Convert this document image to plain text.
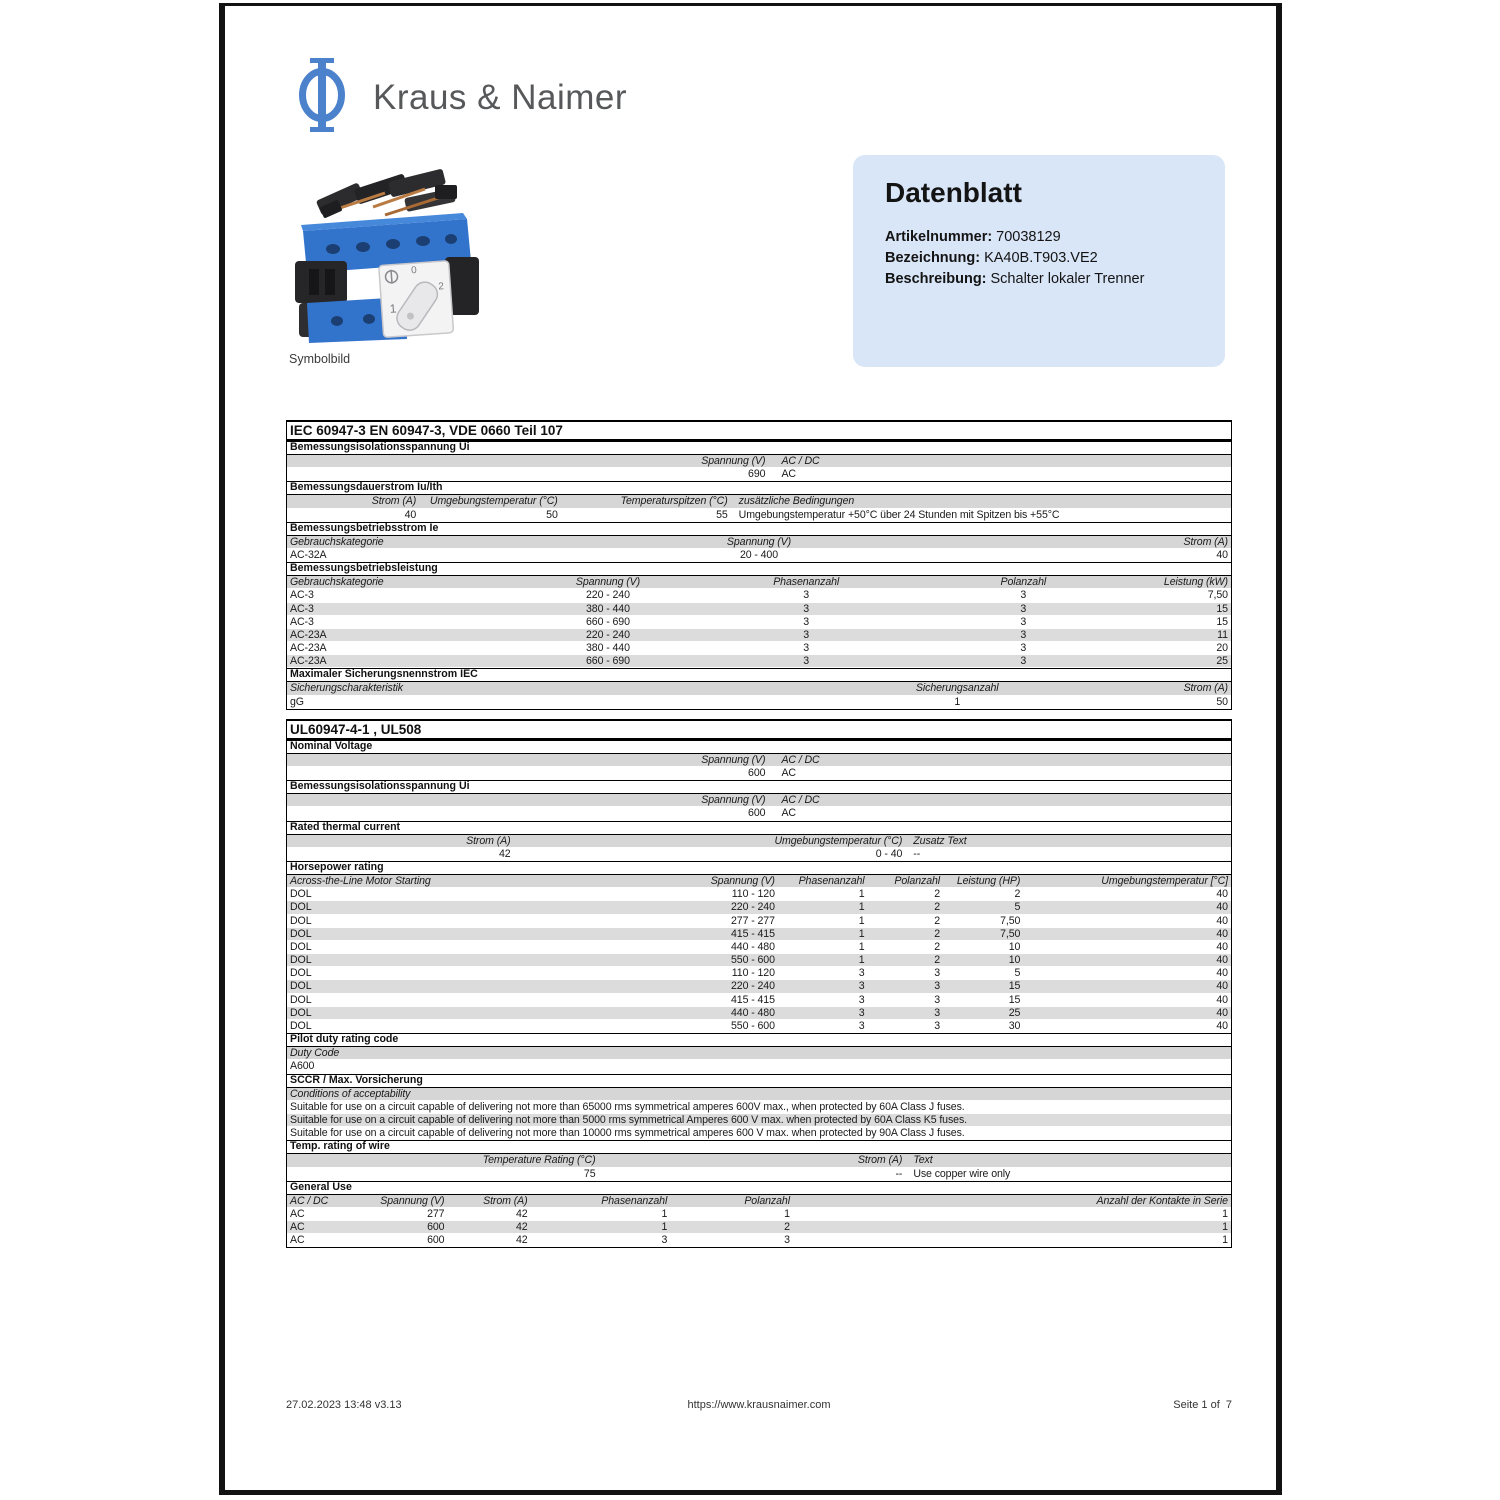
Kraus & Naimer
1
0
2
Symbolbild
Datenblatt
Artikelnummer: 70038129
Bezeichnung: KA40B.T903.VE2
Beschreibung: Schalter lokaler Trenner
IEC 60947-3 EN 60947-3, VDE 0660 Teil 107
Bemessungsisolationsspannung Ui
Spannung (V)	AC / DC
690	AC
Bemessungsdauerstrom Iu/Ith
Strom (A)	Umgebungstemperatur (°C)	Temperaturspitzen (°C)	zusätzliche Bedingungen
40	50	55	Umgebungstemperatur +50°C über 24 Stunden mit Spitzen bis +55°C
Bemessungsbetriebsstrom Ie
Gebrauchskategorie	Spannung (V)	Strom (A)
AC-32A	20 - 400	40
Bemessungsbetriebsleistung
Gebrauchskategorie	Spannung (V)	Phasenanzahl	Polanzahl	Leistung (kW)
AC-3	220 - 240	3	3	7,50
AC-3	380 - 440	3	3	15
AC-3	660 - 690	3	3	15
AC-23A	220 - 240	3	3	11
AC-23A	380 - 440	3	3	20
AC-23A	660 - 690	3	3	25
Maximaler Sicherungsnennstrom IEC
Sicherungscharakteristik	Sicherungsanzahl	Strom (A)
gG	1	50
UL60947-4-1 , UL508
Nominal Voltage
Spannung (V)	AC / DC
600	AC
Bemessungsisolationsspannung Ui
Spannung (V)	AC / DC
600	AC
Rated thermal current
Strom (A)	Umgebungstemperatur (°C)	Zusatz Text
42	0 - 40	--
Horsepower rating
Across-the-Line Motor Starting	Spannung (V)	Phasenanzahl	Polanzahl	Leistung (HP)	Umgebungstemperatur [°C]
DOL	110 - 120	1	2	2	40
DOL	220 - 240	1	2	5	40
DOL	277 - 277	1	2	7,50	40
DOL	415 - 415	1	2	7,50	40
DOL	440 - 480	1	2	10	40
DOL	550 - 600	1	2	10	40
DOL	110 - 120	3	3	5	40
DOL	220 - 240	3	3	15	40
DOL	415 - 415	3	3	15	40
DOL	440 - 480	3	3	25	40
DOL	550 - 600	3	3	30	40
Pilot duty rating code
Duty Code
A600
SCCR / Max. Vorsicherung
Conditions of acceptability
Suitable for use on a circuit capable of delivering not more than 65000 rms symmetrical amperes 600V max., when protected by 60A Class J fuses.
Suitable for use on a circuit capable of delivering not more than 5000 rms symmetrical Amperes 600 V max. when protected by 60A Class K5 fuses.
Suitable for use on a circuit capable of delivering not more than 10000 rms symmetrical amperes 600 V max. when protected by 90A Class J fuses.
Temp. rating of wire
Temperature Rating (°C)	Strom (A)	Text
75	--	Use copper wire only
General Use
AC / DC	Spannung (V)	Strom (A)	Phasenanzahl	Polanzahl	Anzahl der Kontakte in Serie
AC	277	42	1	1	1
AC	600	42	1	2	1
AC	600	42	3	3	1
https://www.krausnaimer.com
27.02.2023 13:48 v3.13	Seite 1 of  7
